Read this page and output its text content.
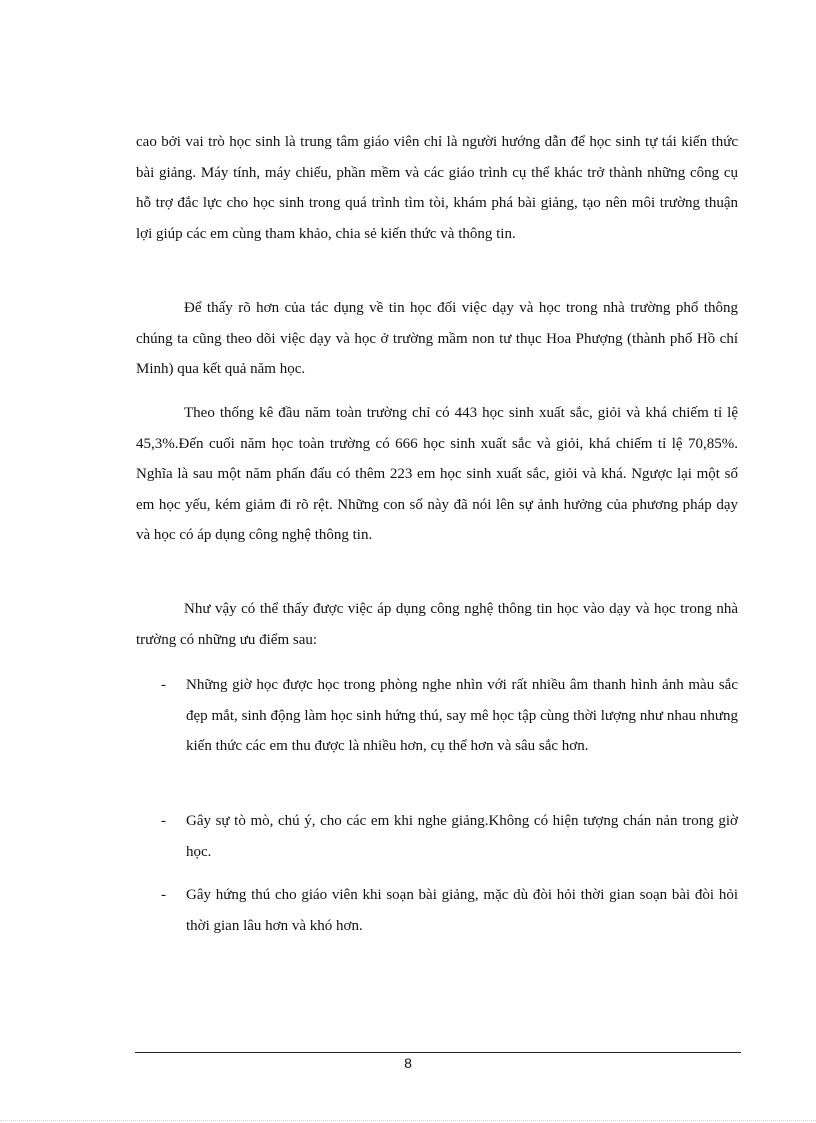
cao bởi vai trò học sinh là trung tâm giáo viên chỉ là người hướng dẫn để học sinh tự tái kiến thức bài giảng. Máy tính, máy chiếu, phần mềm và các giáo trình cụ thể khác trở thành những công cụ hỗ trợ đắc lực cho học sinh trong quá trình tìm tòi, khám phá bài giảng, tạo nên môi trường thuận lợi giúp các em cùng tham khảo, chia sẻ kiến thức và thông tin.

Để thấy rõ hơn của tác dụng về tin học đối việc dạy và học trong nhà trường phổ thông chúng ta cũng theo dõi việc dạy và học ở trường mầm non tư thục Hoa Phượng (thành phố Hồ chí Minh) qua kết quả năm học.

Theo thống kê đầu năm toàn trường chỉ có 443 học sinh xuất sắc, giỏi và khá chiếm tỉ lệ 45,3%.Đến cuối năm học toàn trường có 666 học sinh xuất sắc và giỏi, khá chiếm tỉ lệ 70,85%. Nghĩa là sau một năm phấn đấu có thêm 223 em học sinh xuất sắc, giỏi và khá. Ngược lại một số em học yếu, kém giảm đi rõ rệt. Những con số này đã nói lên sự ảnh hưởng của phương pháp dạy và học có áp dụng công nghệ thông tin.

Như vậy có thể thấy được việc áp dụng công nghệ thông tin học vào dạy và học trong nhà trường có những ưu điểm sau:

- Những giờ học được học trong phòng nghe nhìn với rất nhiều âm thanh hình ảnh màu sắc đẹp mắt, sinh động làm học sinh hứng thú, say mê học tập cùng thời lượng như nhau nhưng kiến thức các em thu được là nhiều hơn, cụ thể hơn và sâu sắc hơn.
- Gây sự tò mò, chú ý, cho các em khi nghe giảng.Không có hiện tượng chán nản trong giờ học.
- Gây hứng thú cho giáo viên khi soạn bài giảng, mặc dù đòi hỏi thời gian soạn bài đòi hỏi thời gian lâu hơn và khó hơn.
8
